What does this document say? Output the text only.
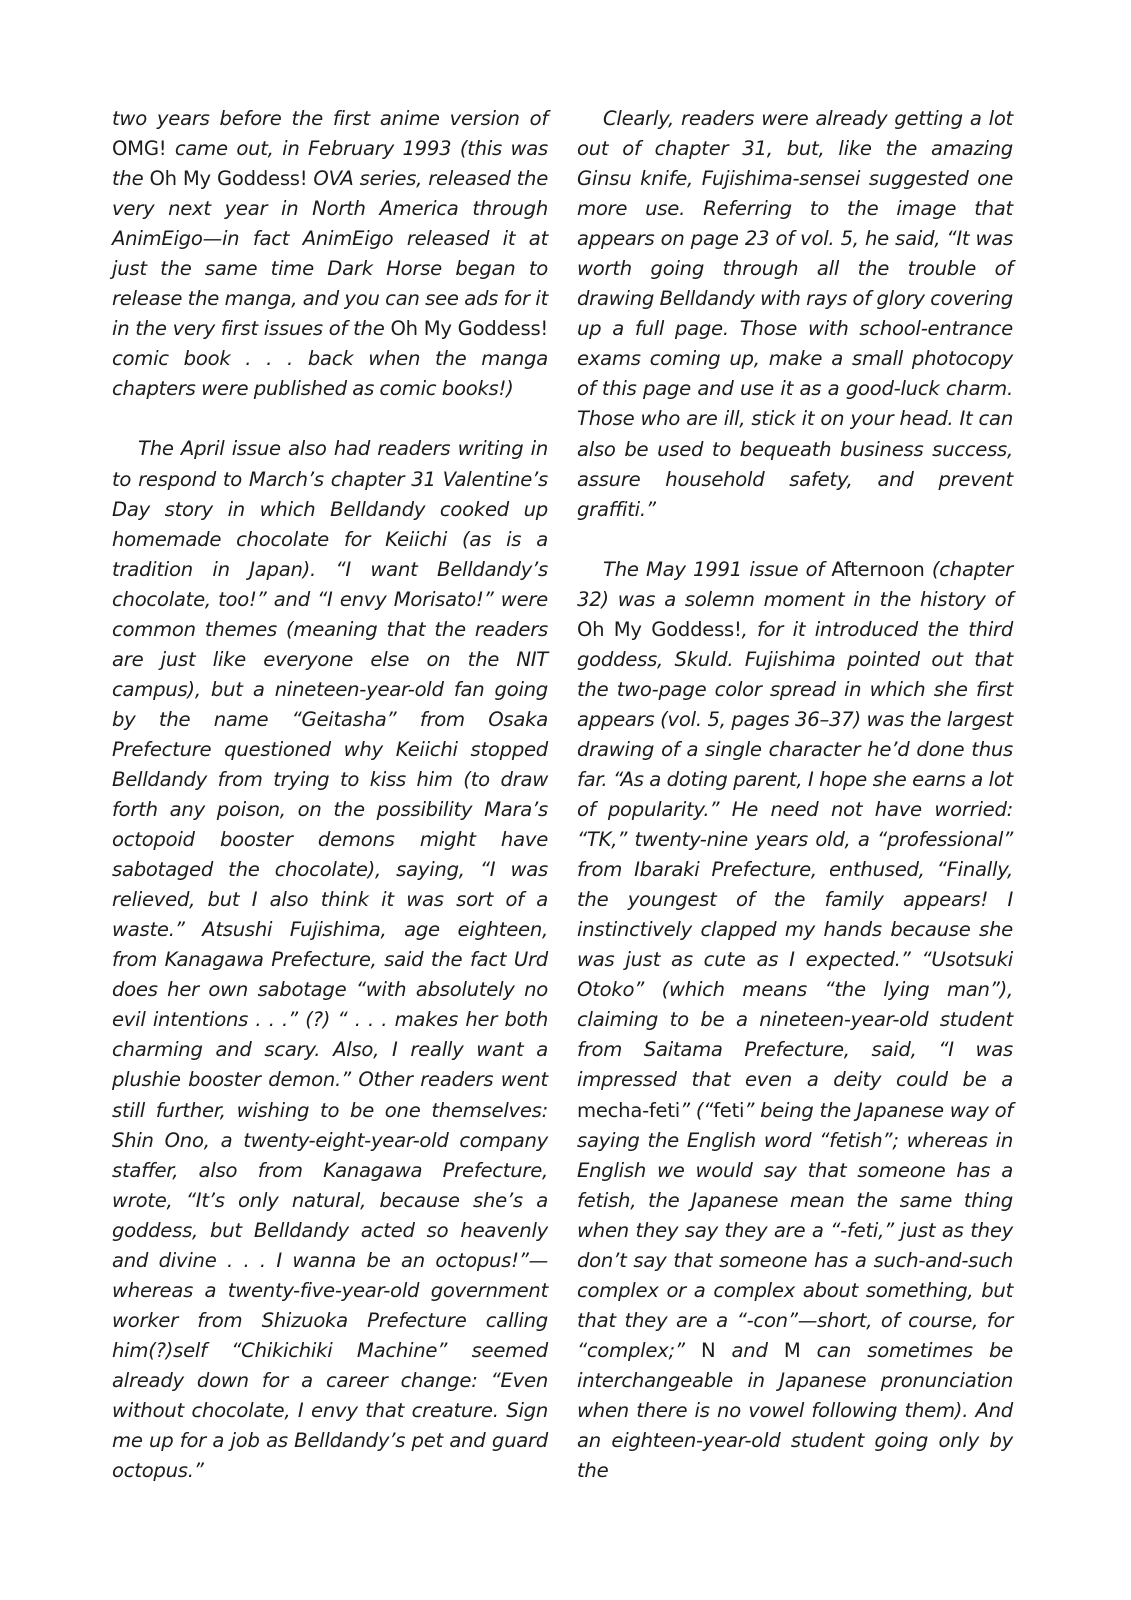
two years before the first anime version of OMG! came out, in February 1993 (this was the Oh My Goddess! OVA series, released the very next year in North America through AnimEigo—in fact AnimEigo released it at just the same time Dark Horse began to release the manga, and you can see ads for it in the very first issues of the Oh My Goddess! comic book . . . back when the manga chapters were published as comic books!)

The April issue also had readers writing in to respond to March’s chapter 31 Valentine’s Day story in which Belldandy cooked up homemade chocolate for Keiichi (as is a tradition in Japan). “I want Belldandy’s chocolate, too!” and “I envy Morisato!” were common themes (meaning that the readers are just like everyone else on the NIT campus), but a nineteen-year-old fan going by the name “Geitasha” from Osaka Prefecture questioned why Keiichi stopped Belldandy from trying to kiss him (to draw forth any poison, on the possibility Mara’s octopoid booster demons might have sabotaged the chocolate), saying, “I was relieved, but I also think it was sort of a waste.” Atsushi Fujishima, age eighteen, from Kanagawa Prefecture, said the fact Urd does her own sabotage “with absolutely no evil intentions . . .” (?) “ . . . makes her both charming and scary. Also, I really want a plushie booster demon.” Other readers went still further, wishing to be one themselves: Shin Ono, a twenty-eight-year-old company staffer, also from Kanagawa Prefecture, wrote, “It’s only natural, because she’s a goddess, but Belldandy acted so heavenly and divine . . . I wanna be an octopus!”—whereas a twenty-five-year-old government worker from Shizuoka Prefecture calling him(?)self “Chikichiki Machine” seemed already down for a career change: “Even without chocolate, I envy that creature. Sign me up for a job as Belldandy’s pet and guard octopus.”

Clearly, readers were already getting a lot out of chapter 31, but, like the amazing Ginsu knife, Fujishima-sensei suggested one more use. Referring to the image that appears on page 23 of vol. 5, he said, “It was worth going through all the trouble of drawing Belldandy with rays of glory covering up a full page. Those with school-entrance exams coming up, make a small photocopy of this page and use it as a good-luck charm. Those who are ill, stick it on your head. It can also be used to bequeath business success, assure household safety, and prevent graffiti.”

The May 1991 issue of Afternoon (chapter 32) was a solemn moment in the history of Oh My Goddess!, for it introduced the third goddess, Skuld. Fujishima pointed out that the two-page color spread in which she first appears (vol. 5, pages 36–37) was the largest drawing of a single character he’d done thus far. “As a doting parent, I hope she earns a lot of popularity.” He need not have worried: “TK,” twenty-nine years old, a “professional” from Ibaraki Prefecture, enthused, “Finally, the youngest of the family appears! I instinctively clapped my hands because she was just as cute as I expected.” “Usotsuki Otoko” (which means “the lying man”), claiming to be a nineteen-year-old student from Saitama Prefecture, said, “I was impressed that even a deity could be a mecha-feti” (“feti” being the Japanese way of saying the English word “fetish”; whereas in English we would say that someone has a fetish, the Japanese mean the same thing when they say they are a “-feti,” just as they don’t say that someone has a such-and-such complex or a complex about something, but that they are a “-con”—short, of course, for “complex;” N and M can sometimes be interchangeable in Japanese pronunciation when there is no vowel following them). And an eighteen-year-old student going only by the
